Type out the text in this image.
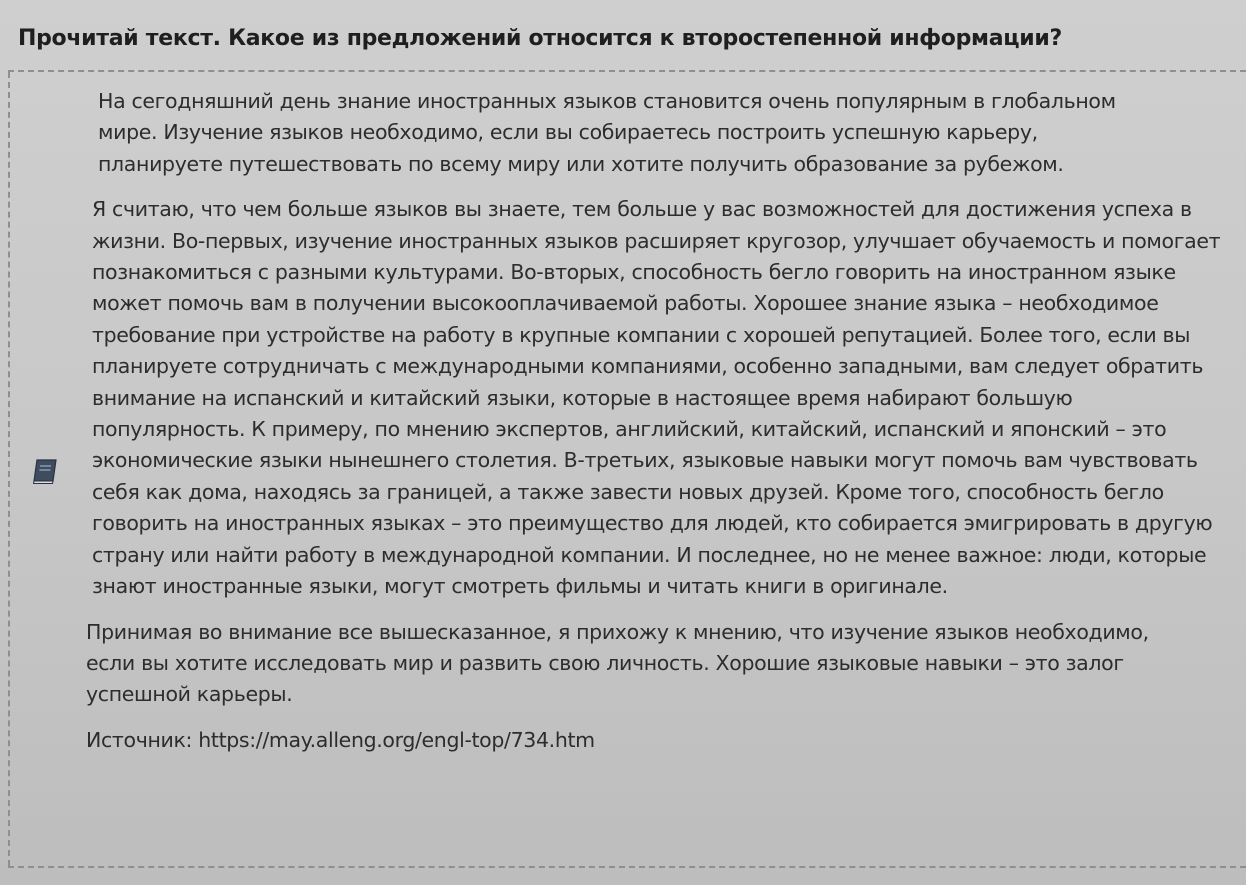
Прочитай текст. Какое из предложений относится к второстепенной информации?

На сегодняшний день знание иностранных языков становится очень популярным в глобальном мире. Изучение языков необходимо, если вы собираетесь построить успешную карьеру, планируете путешествовать по всему миру или хотите получить образование за рубежом.

Я считаю, что чем больше языков вы знаете, тем больше у вас возможностей для достижения успеха в жизни. Во-первых, изучение иностранных языков расширяет кругозор, улучшает обучаемость и помогает познакомиться с разными культурами. Во-вторых, способность бегло говорить на иностранном языке может помочь вам в получении высокооплачиваемой работы. Хорошее знание языка – необходимое требование при устройстве на работу в крупные компании с хорошей репутацией. Более того, если вы планируете сотрудничать с международными компаниями, особенно западными, вам следует обратить внимание на испанский и китайский языки, которые в настоящее время набирают большую популярность. К примеру, по мнению экспертов, английский, китайский, испанский и японский – это экономические языки нынешнего столетия. В-третьих, языковые навыки могут помочь вам чувствовать себя как дома, находясь за границей, а также завести новых друзей. Кроме того, способность бегло говорить на иностранных языках – это преимущество для людей, кто собирается эмигрировать в другую страну или найти работу в международной компании. И последнее, но не менее важное: люди, которые знают иностранные языки, могут смотреть фильмы и читать книги в оригинале.

Принимая во внимание все вышесказанное, я прихожу к мнению, что изучение языков необходимо, если вы хотите исследовать мир и развить свою личность. Хорошие языковые навыки – это залог успешной карьеры.

Источник: https://may.alleng.org/engl-top/734.htm
